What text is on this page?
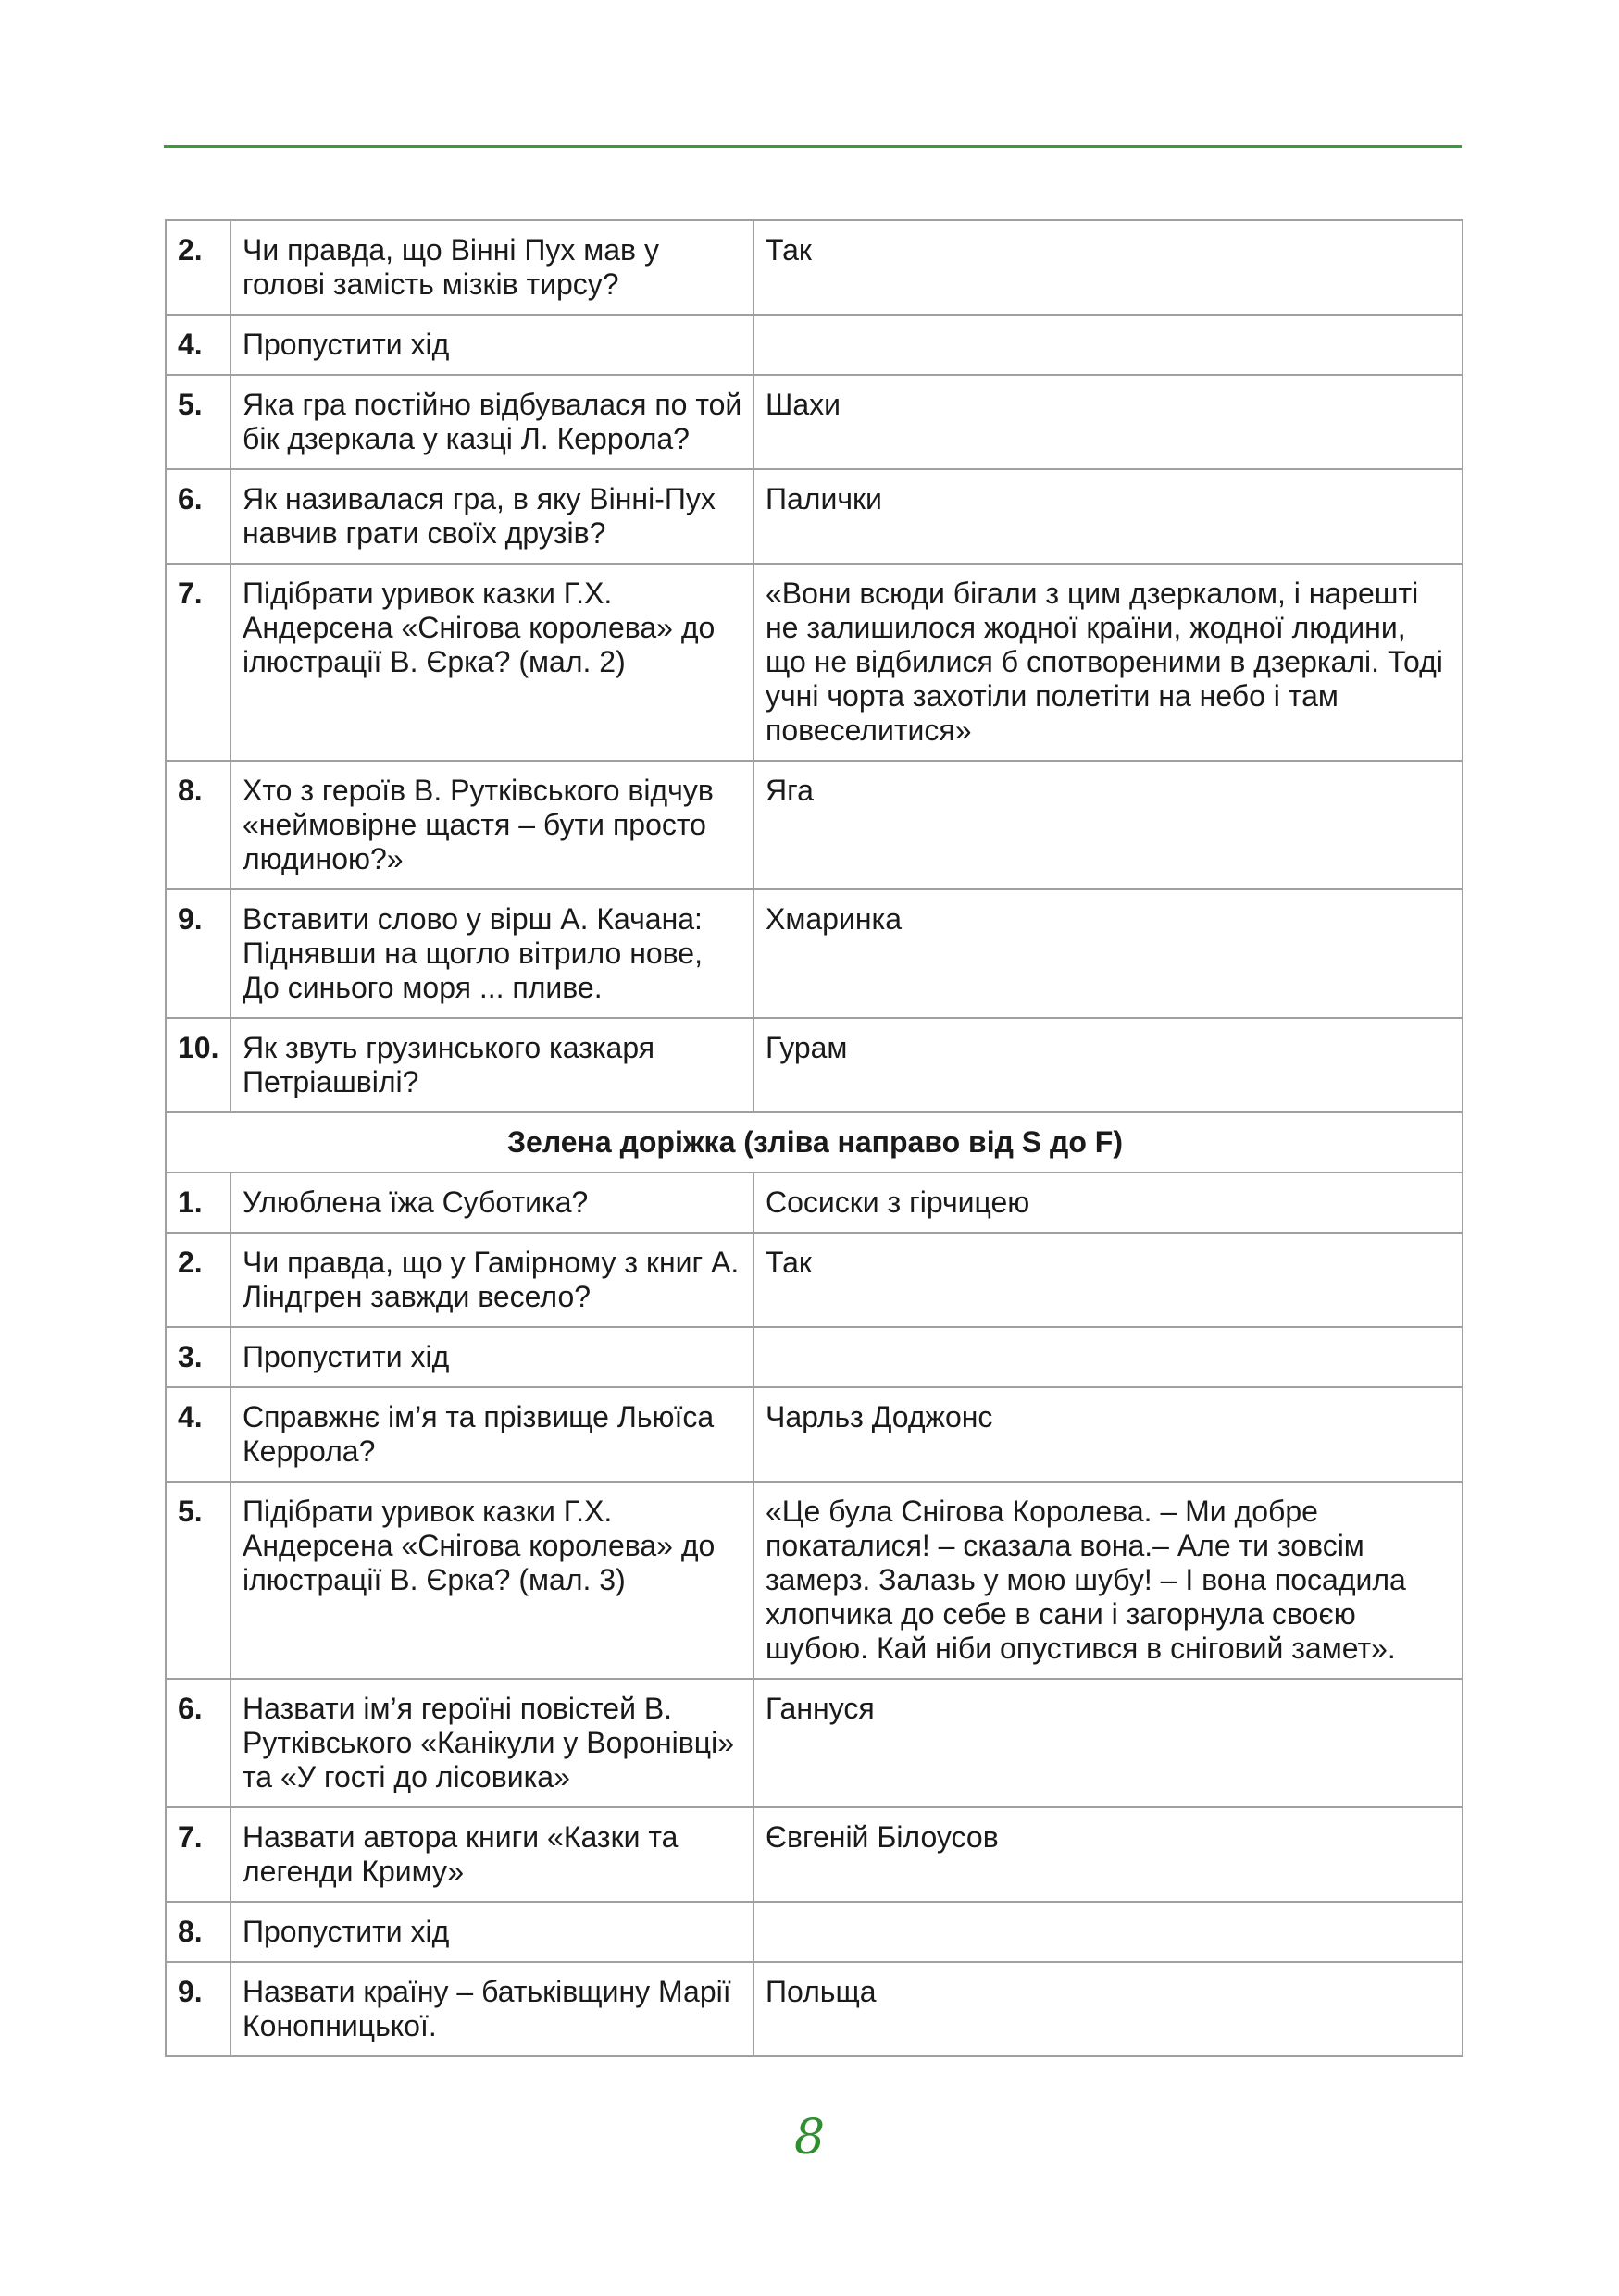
2.	Чи правда, що Вінні Пух мав у голові замість мізків тирсу?	Так
4.	Пропустити хід	
5.	Яка гра постійно відбувалася по той бік дзеркала у казці Л. Керрола?	Шахи
6.	Як називалася гра, в яку Вінні-Пух навчив грати своїх друзів?	Палички
7.	Підібрати уривок казки Г.Х. Андерсена «Снігова королева» до ілюстрації В. Єрка? (мал. 2)	«Вони всюди бігали з цим дзеркалом, і нарешті не залишилося жодної країни, жодної людини, що не відбилися б спотвореними в дзеркалі. Тоді учні чорта захотіли полетіти на небо і там повеселитися»
8.	Хто з героїв В. Рутківського відчув «неймовірне щастя – бути просто людиною?»	Яга
9.	Вставити слово у вірш А. Качана: Піднявши на щогло вітрило нове, До синього моря ... пливе.	Хмаринка
10.	Як звуть грузинського казкаря Петріашвілі?	Гурам
Зелена доріжка (зліва направо від S до F)		
1.	Улюблена їжа Суботика?	Сосиски з гірчицею
2.	Чи правда, що у Гамірному з книг А. Ліндгрен завжди весело?	Так
3.	Пропустити хід	
4.	Справжнє ім’я та прізвище Льюїса Керрола?	Чарльз Доджонс
5.	Підібрати уривок казки Г.Х. Андерсена «Снігова королева» до ілюстрації В. Єрка? (мал. 3)	«Це була Снігова Королева. – Ми добре покаталися! – сказала вона.– Але ти зовсім замерз. Залазь у мою шубу! – І вона посадила хлопчика до себе в сани і загорнула своєю шубою. Кай ніби опустився в сніговий замет».
6.	Назвати ім’я героїні повістей В. Рутківського «Канікули у Воронівці» та «У гості до лісовика»	Ганнуся
7.	Назвати автора книги «Казки та легенди Криму»	Євгеній Білоусов
8.	Пропустити хід	
9.	Назвати країну – батьківщину Марії Конопницької.	Польща
8
